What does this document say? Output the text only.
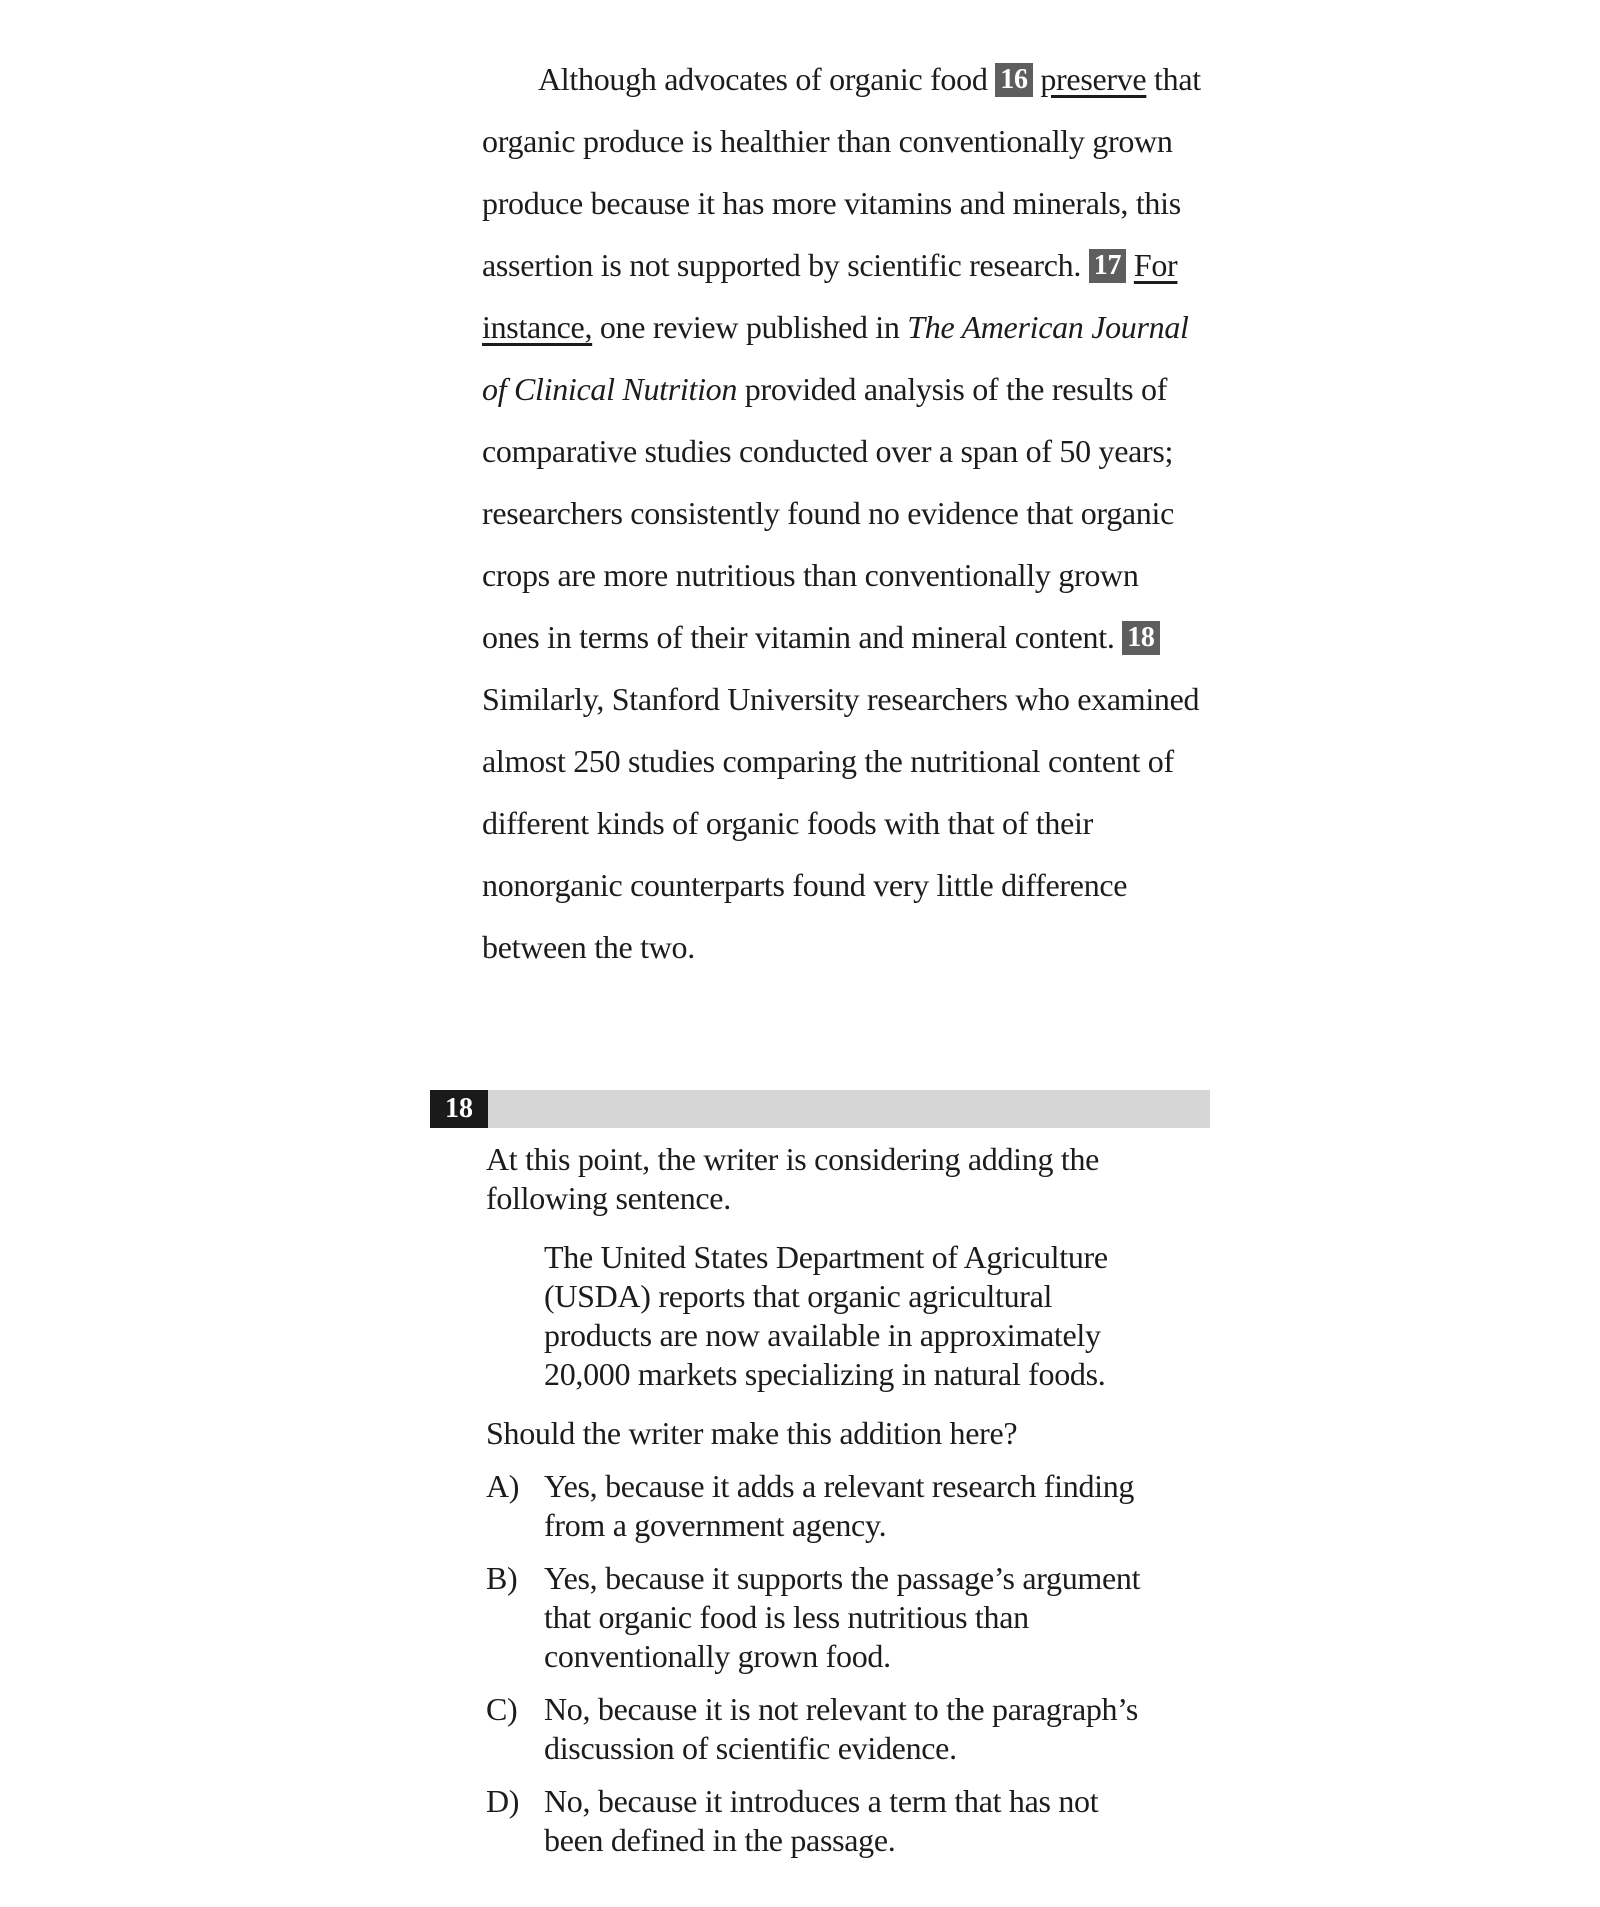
Although advocates of organic food 16 preserve that
organic produce is healthier than conventionally grown
produce because it has more vitamins and minerals, this
assertion is not supported by scientific research. 17 For
instance, one review published in The American Journal
of Clinical Nutrition provided analysis of the results of
comparative studies conducted over a span of 50 years;
researchers consistently found no evidence that organic
crops are more nutritious than conventionally grown
ones in terms of their vitamin and mineral content. 18
Similarly, Stanford University researchers who examined
almost 250 studies comparing the nutritional content of
different kinds of organic foods with that of their
nonorganic counterparts found very little difference
between the two.
18
At this point, the writer is considering adding the
following sentence.
The United States Department of Agriculture
(USDA) reports that organic agricultural
products are now available in approximately
20,000 markets specializing in natural foods.
Should the writer make this addition here?
A) Yes, because it adds a relevant research finding
from a government agency.
B) Yes, because it supports the passage’s argument
that organic food is less nutritious than
conventionally grown food.
C) No, because it is not relevant to the paragraph’s
discussion of scientific evidence.
D) No, because it introduces a term that has not
been defined in the passage.
